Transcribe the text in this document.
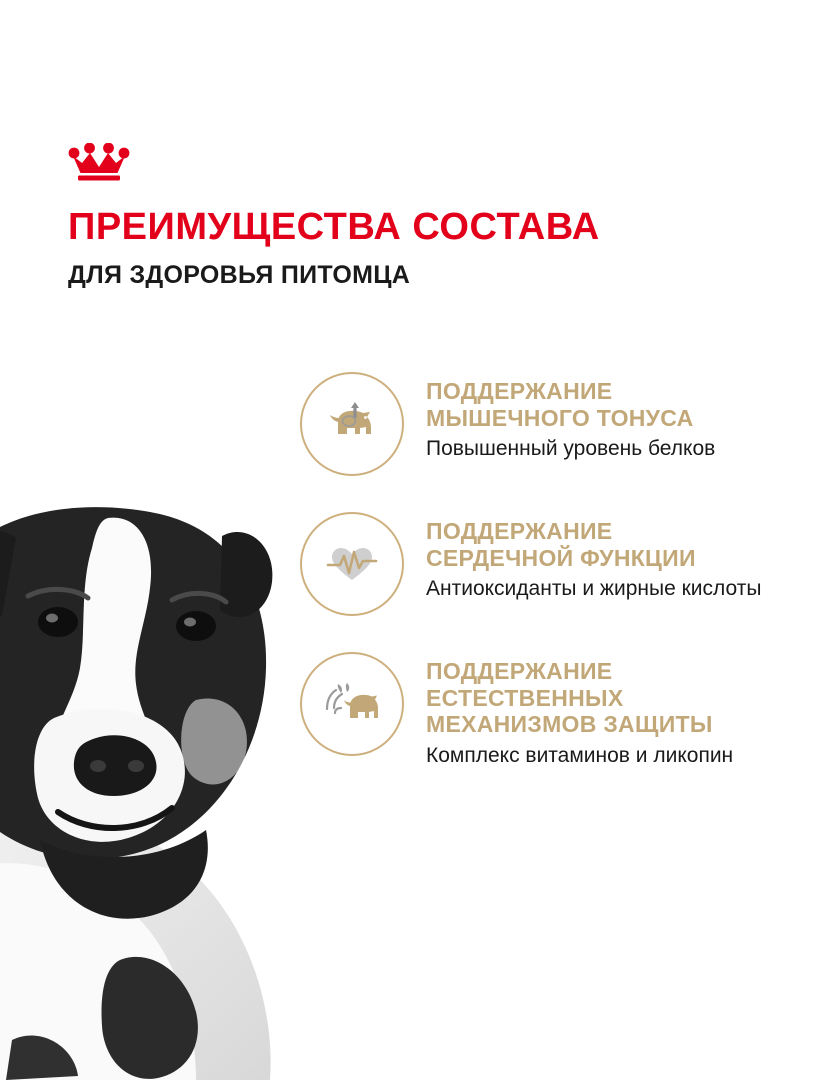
ПРЕИМУЩЕСТВА СОСТАВА
ДЛЯ ЗДОРОВЬЯ ПИТОМЦА

ПОДДЕРЖАНИЕ
МЫШЕЧНОГО ТОНУСА

Повышенный уровень белков

ПОДДЕРЖАНИЕ
СЕРДЕЧНОЙ ФУНКЦИИ

Антиоксиданты и жирные кислоты

ПОДДЕРЖАНИЕ
ЕСТЕСТВЕННЫХ
МЕХАНИЗМОВ ЗАЩИТЫ

Комплекс витаминов и ликопин
